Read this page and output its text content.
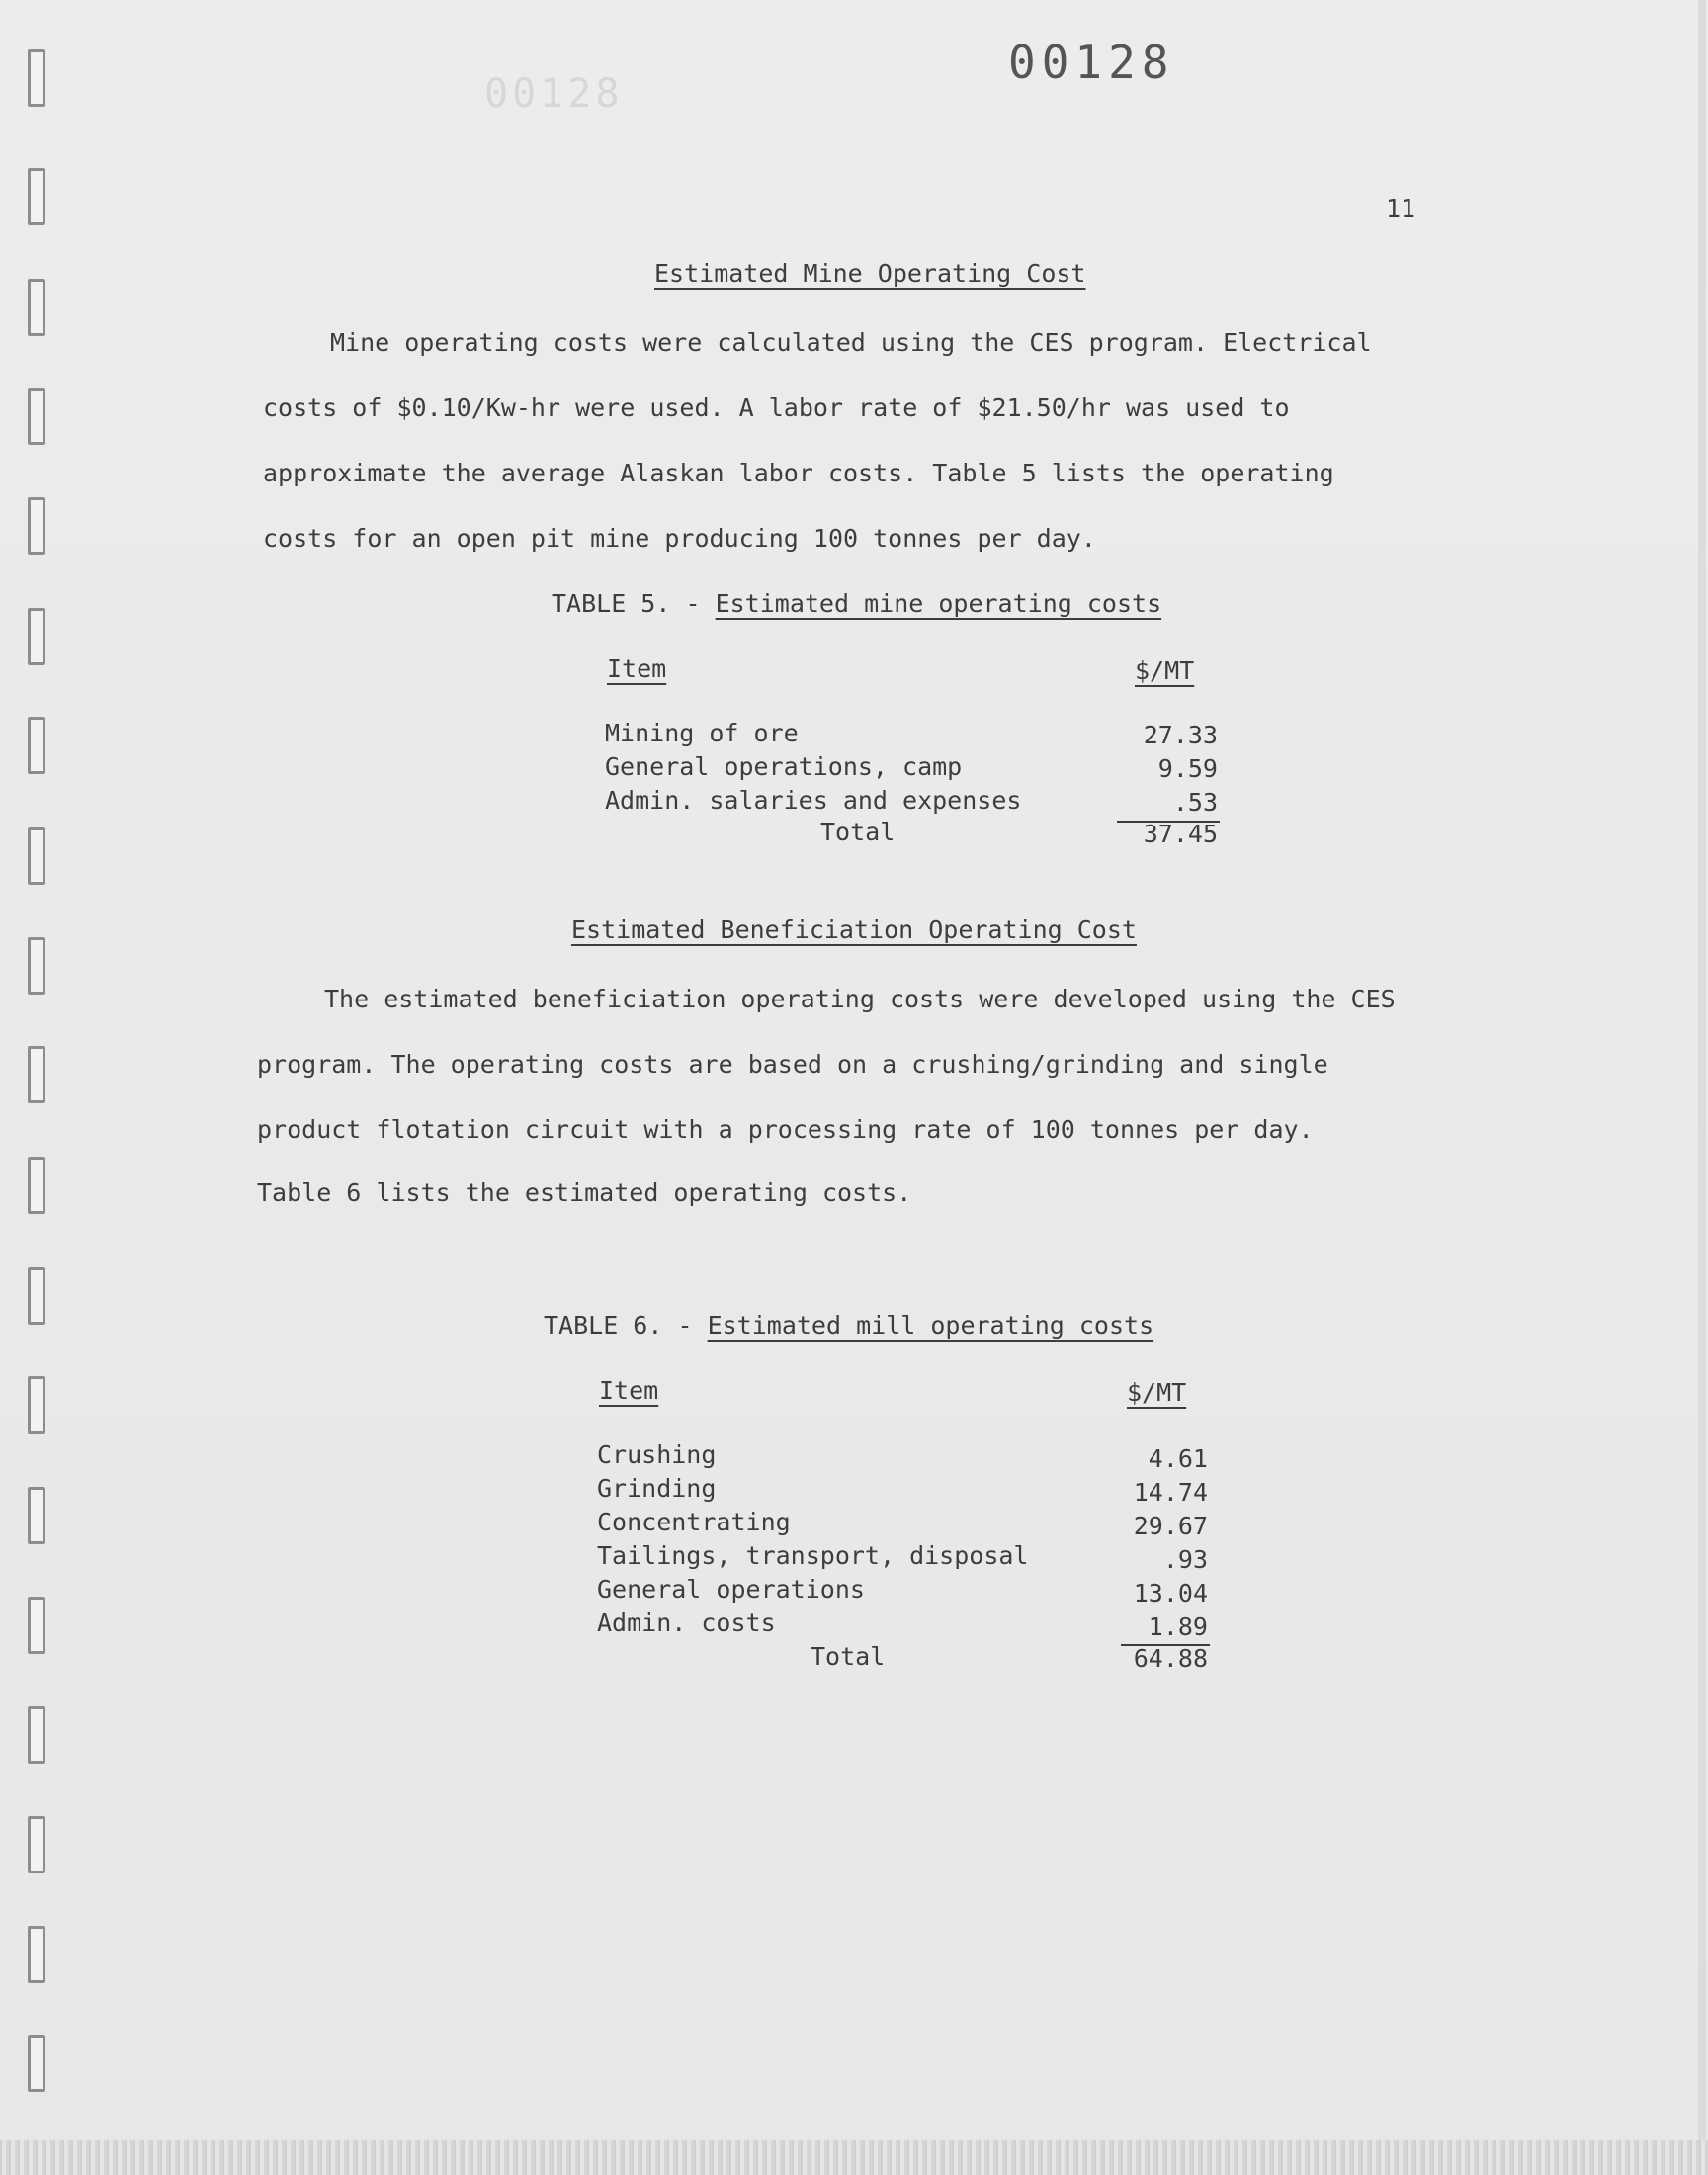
00128
00128
11
Estimated Mine Operating Cost
Mine operating costs were calculated using the CES program. Electrical
costs of $0.10/Kw-hr were used. A labor rate of $21.50/hr was used to
approximate the average Alaskan labor costs. Table 5 lists the operating
costs for an open pit mine producing 100 tonnes per day.
TABLE 5. - Estimated mine operating costs
Item	$/MT
Mining of ore	27.33
General operations, camp	9.59
Admin. salaries and expenses	.53
Total	37.45
Estimated Beneficiation Operating Cost
The estimated beneficiation operating costs were developed using the CES
program. The operating costs are based on a crushing/grinding and single
product flotation circuit with a processing rate of 100 tonnes per day.
Table 6 lists the estimated operating costs.
TABLE 6. - Estimated mill operating costs
Item	$/MT
Crushing	4.61
Grinding	14.74
Concentrating	29.67
Tailings, transport, disposal	.93
General operations	13.04
Admin. costs	1.89
Total	64.88
